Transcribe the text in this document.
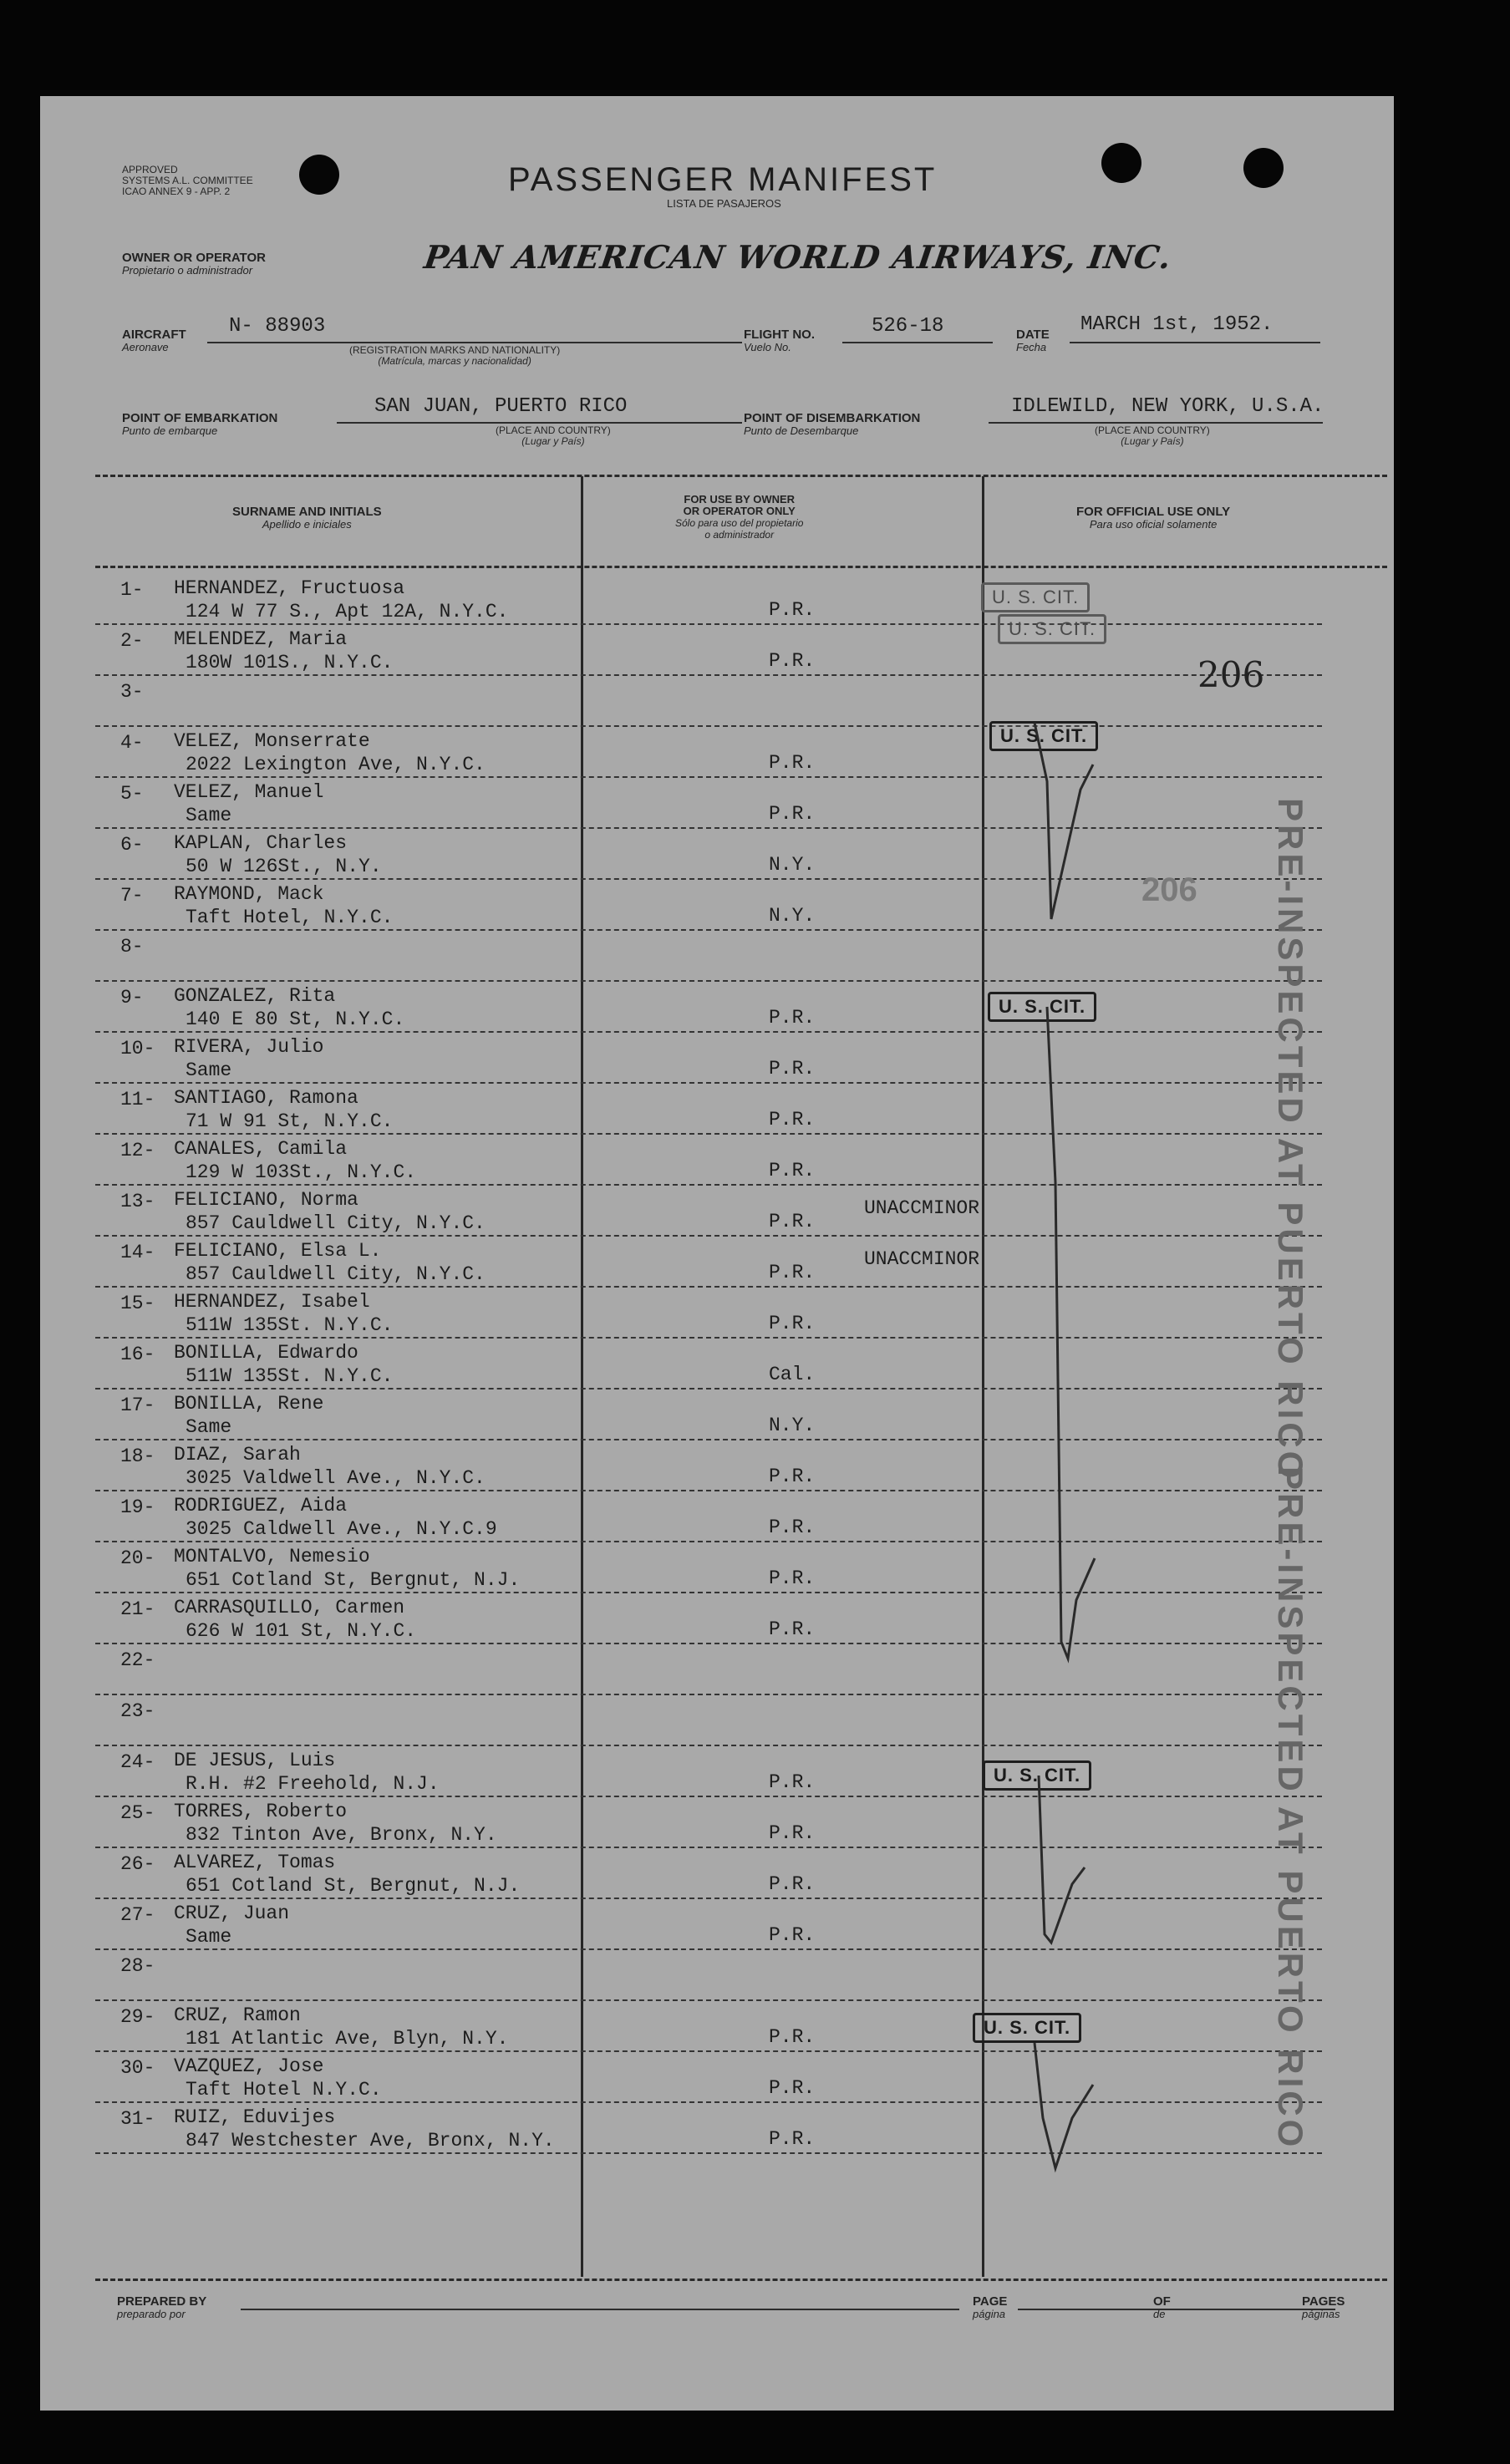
APPROVED
SYSTEMS A.L. COMMITTEE
ICAO ANNEX 9 - APP. 2	PASSENGER MANIFEST
LISTA DE PASAJEROS
OWNER OR OPERATOR
Propietario o administrador	PAN AMERICAN WORLD AIRWAYS, INC.
AIRCRAFT
Aeronave
N- 88903
(REGISTRATION MARKS AND NATIONALITY)
(Matrícula, marcas y nacionalidad)
FLIGHT NO.
Vuelo No.
526-18	DATE
Fecha
MARCH 1st, 1952.
POINT OF EMBARKATION
Punto de embarque
SAN JUAN, PUERTO RICO
(PLACE AND COUNTRY)
(Lugar y País)
POINT OF DISEMBARKATION
Punto de Desembarque
IDLEWILD, NEW YORK, U.S.A.
(PLACE AND COUNTRY)
(Lugar y País)
SURNAME AND INITIALS
Apellido e iniciales
FOR USE BY OWNER
OR OPERATOR ONLY
Sólo para uso del propietario
o administrador
FOR OFFICIAL USE ONLY
Para uso oficial solamente
1- HERNANDEZ, Fructuosa
124 W 77 S., Apt 12A, N.Y.C.	P.R.
2- MELENDEZ, Maria
180W 101S., N.Y.C.	P.R.
3-
4- VELEZ, Monserrate
2022 Lexington Ave, N.Y.C.	P.R.
5- VELEZ, Manuel
Same	P.R.
6- KAPLAN, Charles
50 W 126St., N.Y.	N.Y.
7- RAYMOND, Mack
Taft Hotel, N.Y.C.	N.Y.
8-
9- GONZALEZ, Rita
140 E 80 St, N.Y.C.	P.R.
10- RIVERA, Julio
Same	P.R.
11- SANTIAGO, Ramona
71 W 91 St, N.Y.C.	P.R.
12- CANALES, Camila
129 W 103St., N.Y.C.	P.R.
13- FELICIANO, Norma
857 Cauldwell City, N.Y.C.	P.R.
UNACCMINOR
14- FELICIANO, Elsa L.
857 Cauldwell City, N.Y.C.	P.R.
UNACCMINOR
15- HERNANDEZ, Isabel
511W 135St. N.Y.C.	P.R.
16- BONILLA, Edwardo
511W 135St. N.Y.C.	Cal.
17- BONILLA, Rene
Same	N.Y.
18- DIAZ, Sarah
3025 Valdwell Ave., N.Y.C.	P.R.
19- RODRIGUEZ, Aida
3025 Caldwell Ave., N.Y.C.9	P.R.
20- MONTALVO, Nemesio
651 Cotland St, Bergnut, N.J.	P.R.
21- CARRASQUILLO, Carmen
626 W 101 St, N.Y.C.	P.R.
22-
23-
24- DE JESUS, Luis
R.H. #2 Freehold, N.J.	P.R.
25- TORRES, Roberto
832 Tinton Ave, Bronx, N.Y.	P.R.
26- ALVAREZ, Tomas
651 Cotland St, Bergnut, N.J.	P.R.
27- CRUZ, Juan
Same	P.R.
28-
29- CRUZ, Ramon
181 Atlantic Ave, Blyn, N.Y.	P.R.
30- VAZQUEZ, Jose
Taft Hotel N.Y.C.	P.R.
31- RUIZ, Eduvijes
847 Westchester Ave, Bronx, N.Y.	P.R.
U. S. CIT.
U. S. CIT.
206
U. S. CIT.
206
U. S. CIT.
U. S. CIT.
U. S. CIT.
PRE-INSPECTED AT PUERTO RICO
PRE-INSPECTED AT PUERTO RICO
PREPARED BY
preparado por
PAGE
página
OF
de
PAGES
páginas
